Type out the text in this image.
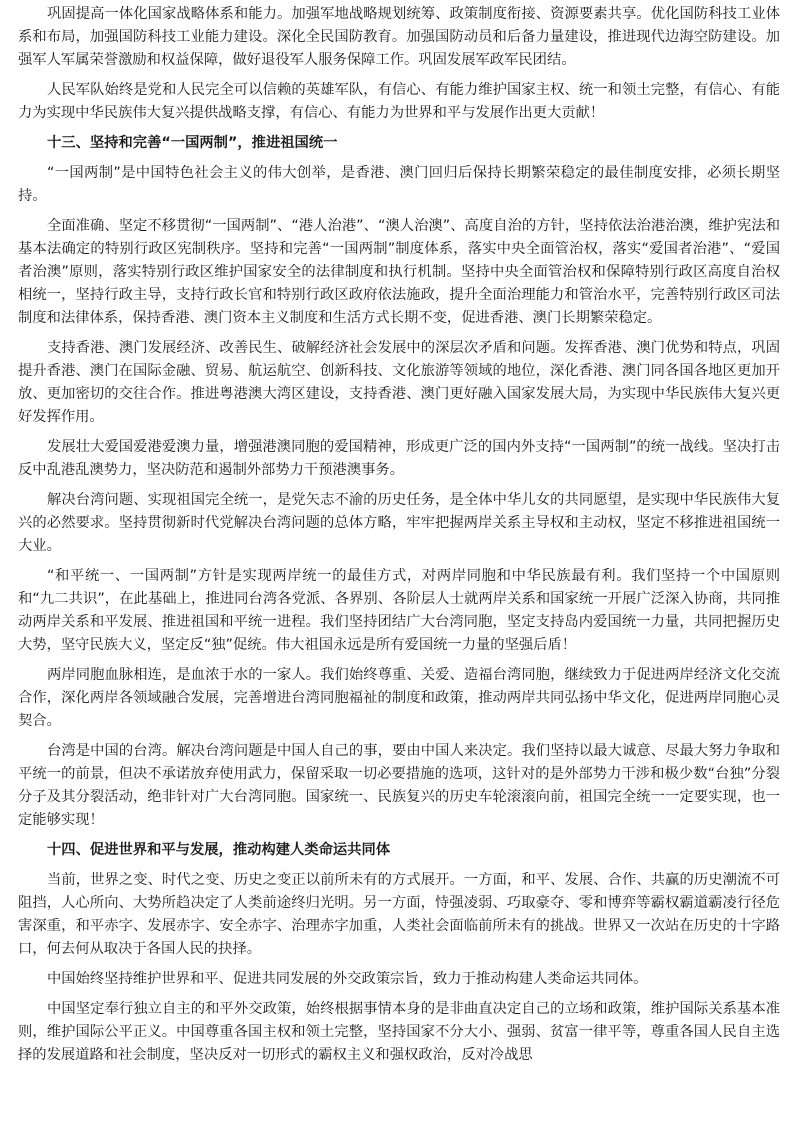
巩固提高一体化国家战略体系和能力。加强军地战略规划统筹、政策制度衔接、资源要素共享。优化国防科技工业体系和布局，加强国防科技工业能力建设。深化全民国防教育。加强国防动员和后备力量建设，推进现代边海空防建设。加强军人军属荣誉激励和权益保障，做好退役军人服务保障工作。巩固发展军政军民团结。

人民军队始终是党和人民完全可以信赖的英雄军队，有信心、有能力维护国家主权、统一和领土完整，有信心、有能力为实现中华民族伟大复兴提供战略支撑，有信心、有能力为世界和平与发展作出更大贡献！

十三、坚持和完善“一国两制”，推进祖国统一

“一国两制”是中国特色社会主义的伟大创举，是香港、澳门回归后保持长期繁荣稳定的最佳制度安排，必须长期坚持。

全面准确、坚定不移贯彻“一国两制”、“港人治港”、“澳人治澳”、高度自治的方针，坚持依法治港治澳，维护宪法和基本法确定的特别行政区宪制秩序。坚持和完善“一国两制”制度体系，落实中央全面管治权，落实“爱国者治港”、“爱国者治澳”原则，落实特别行政区维护国家安全的法律制度和执行机制。坚持中央全面管治权和保障特别行政区高度自治权相统一，坚持行政主导，支持行政长官和特别行政区政府依法施政，提升全面治理能力和管治水平，完善特别行政区司法制度和法律体系，保持香港、澳门资本主义制度和生活方式长期不变，促进香港、澳门长期繁荣稳定。

支持香港、澳门发展经济、改善民生、破解经济社会发展中的深层次矛盾和问题。发挥香港、澳门优势和特点，巩固提升香港、澳门在国际金融、贸易、航运航空、创新科技、文化旅游等领域的地位，深化香港、澳门同各国各地区更加开放、更加密切的交往合作。推进粤港澳大湾区建设，支持香港、澳门更好融入国家发展大局，为实现中华民族伟大复兴更好发挥作用。

发展壮大爱国爱港爱澳力量，增强港澳同胞的爱国精神，形成更广泛的国内外支持“一国两制”的统一战线。坚决打击反中乱港乱澳势力，坚决防范和遏制外部势力干预港澳事务。

解决台湾问题、实现祖国完全统一，是党矢志不渝的历史任务，是全体中华儿女的共同愿望，是实现中华民族伟大复兴的必然要求。坚持贯彻新时代党解决台湾问题的总体方略，牢牢把握两岸关系主导权和主动权，坚定不移推进祖国统一大业。

“和平统一、一国两制”方针是实现两岸统一的最佳方式，对两岸同胞和中华民族最有利。我们坚持一个中国原则和“九二共识”，在此基础上，推进同台湾各党派、各界别、各阶层人士就两岸关系和国家统一开展广泛深入协商，共同推动两岸关系和平发展、推进祖国和平统一进程。我们坚持团结广大台湾同胞，坚定支持岛内爱国统一力量，共同把握历史大势，坚守民族大义，坚定反“独”促统。伟大祖国永远是所有爱国统一力量的坚强后盾！

两岸同胞血脉相连，是血浓于水的一家人。我们始终尊重、关爱、造福台湾同胞，继续致力于促进两岸经济文化交流合作，深化两岸各领域融合发展，完善增进台湾同胞福祉的制度和政策，推动两岸共同弘扬中华文化，促进两岸同胞心灵契合。

台湾是中国的台湾。解决台湾问题是中国人自己的事，要由中国人来决定。我们坚持以最大诚意、尽最大努力争取和平统一的前景，但决不承诺放弃使用武力，保留采取一切必要措施的选项，这针对的是外部势力干涉和极少数“台独”分裂分子及其分裂活动，绝非针对广大台湾同胞。国家统一、民族复兴的历史车轮滚滚向前，祖国完全统一一定要实现，也一定能够实现！

十四、促进世界和平与发展，推动构建人类命运共同体

当前，世界之变、时代之变、历史之变正以前所未有的方式展开。一方面，和平、发展、合作、共赢的历史潮流不可阻挡，人心所向、大势所趋决定了人类前途终归光明。另一方面，恃强凌弱、巧取豪夺、零和博弈等霸权霸道霸凌行径危害深重，和平赤字、发展赤字、安全赤字、治理赤字加重，人类社会面临前所未有的挑战。世界又一次站在历史的十字路口，何去何从取决于各国人民的抉择。

中国始终坚持维护世界和平、促进共同发展的外交政策宗旨，致力于推动构建人类命运共同体。

中国坚定奉行独立自主的和平外交政策，始终根据事情本身的是非曲直决定自己的立场和政策，维护国际关系基本准则，维护国际公平正义。中国尊重各国主权和领土完整，坚持国家不分大小、强弱、贫富一律平等，尊重各国人民自主选择的发展道路和社会制度，坚决反对一切形式的霸权主义和强权政治，反对冷战思
